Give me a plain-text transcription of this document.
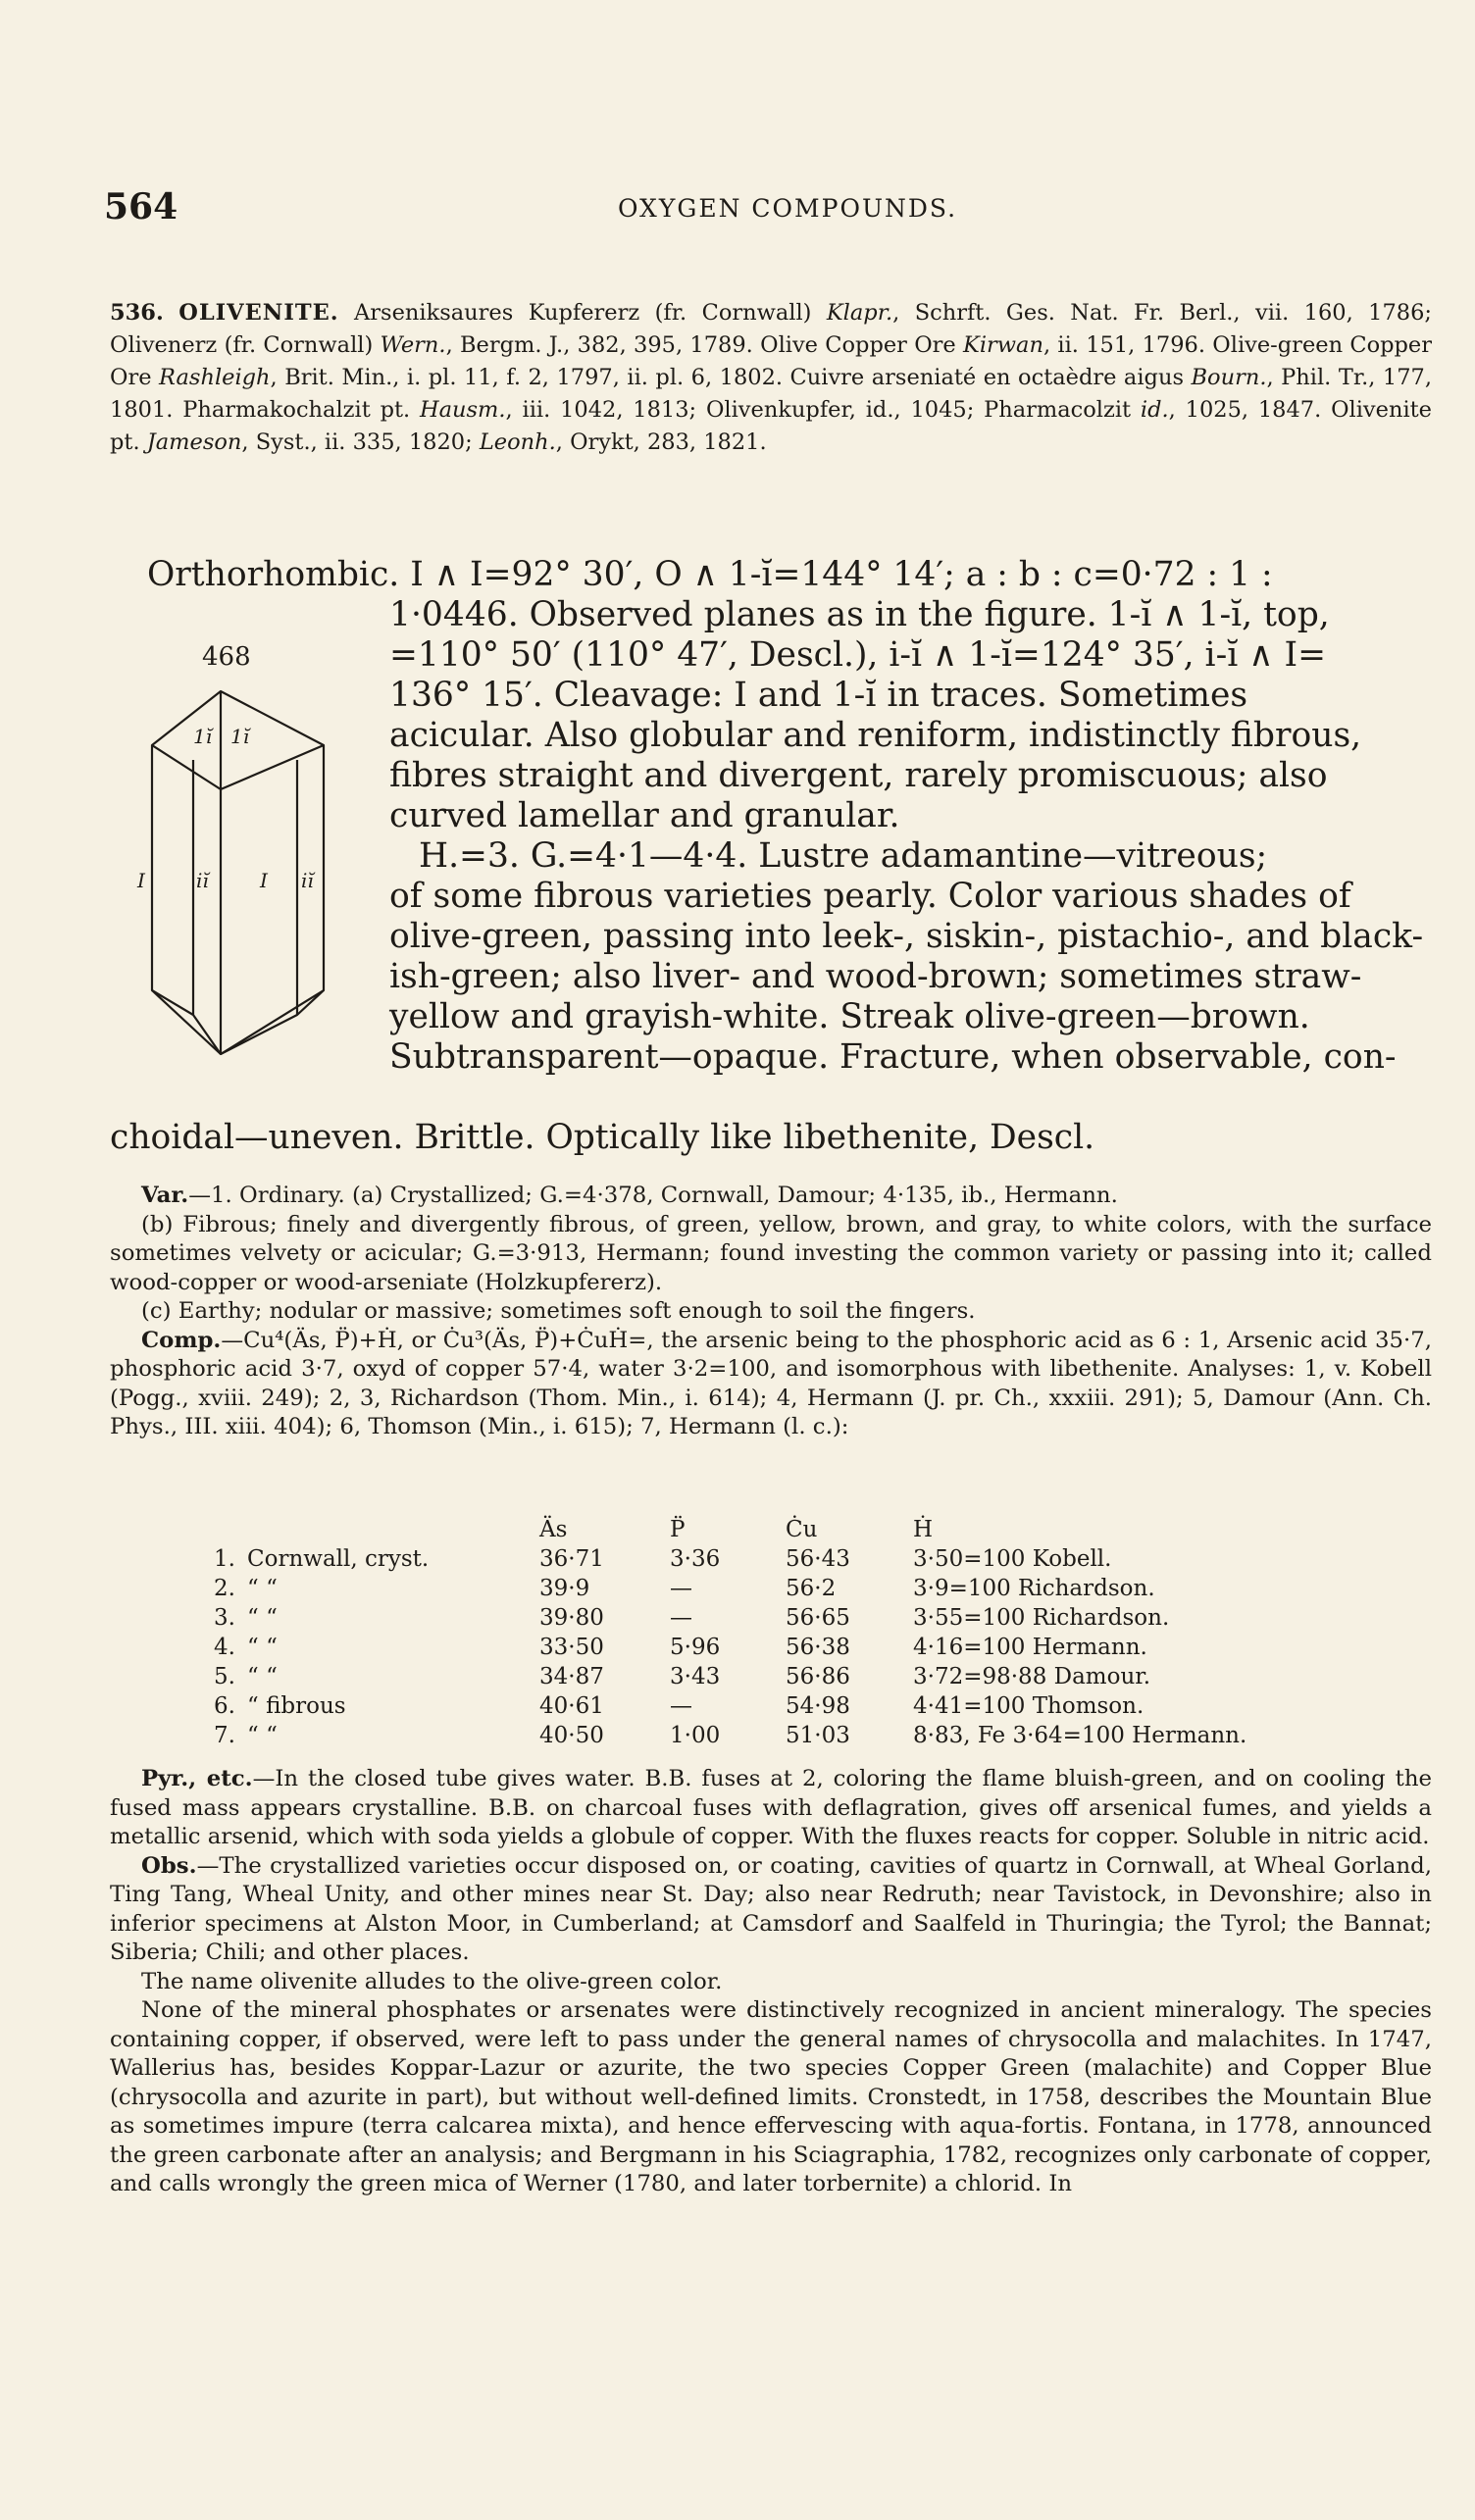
564	OXYGEN COMPOUNDS.
536. OLIVENITE. Arseniksaures Kupfererz (fr. Cornwall) Klapr., Schrft. Ges. Nat. Fr. Berl., vii. 160, 1786; Olivenerz (fr. Cornwall) Wern., Bergm. J., 382, 395, 1789. Olive Copper Ore Kirwan, ii. 151, 1796. Olive-green Copper Ore Rashleigh, Brit. Min., i. pl. 11, f. 2, 1797, ii. pl. 6, 1802. Cuivre arseniaté en octaèdre aigus Bourn., Phil. Tr., 177, 1801. Pharmakochalzit pt. Hausm., iii. 1042, 1813; Olivenkupfer, id., 1045; Pharmacolzit id., 1025, 1847. Olivenite pt. Jameson, Syst., ii. 335, 1820; Leonh., Orykt, 283, 1821.
468
1ĭ 1ĭ
I	iĭ	I iĭ
Orthorhombic. I ∧ I=92° 30′, O ∧ 1-ĭ=144° 14′; a : b : c=0·72 : 1 :
1·0446. Observed planes as in the figure. 1-ĭ ∧ 1-ĭ, top,
=110° 50′ (110° 47′, Descl.), i-ĭ ∧ 1-ĭ=124° 35′, i-ĭ ∧ I=
136° 15′. Cleavage: I and 1-ĭ in traces. Sometimes
acicular. Also globular and reniform, indistinctly fibrous,
fibres straight and divergent, rarely promiscuous; also
curved lamellar and granular.
H.=3. G.=4·1—4·4. Lustre adamantine—vitreous;
of some fibrous varieties pearly. Color various shades of
olive-green, passing into leek-, siskin-, pistachio-, and black-
ish-green; also liver- and wood-brown; sometimes straw-
yellow and grayish-white. Streak olive-green—brown.
Subtransparent—opaque. Fracture, when observable, con-
choidal—uneven. Brittle. Optically like libethenite, Descl.

Var.—1. Ordinary. (a) Crystallized; G.=4·378, Cornwall, Damour; 4·135, ib., Hermann.

(b) Fibrous; finely and divergently fibrous, of green, yellow, brown, and gray, to white colors, with the surface sometimes velvety or acicular; G.=3·913, Hermann; found investing the common variety or passing into it; called wood-copper or wood-arseniate (Holzkupfererz).

(c) Earthy; nodular or massive; sometimes soft enough to soil the fingers.

Comp.—Cu⁴(Äs, P̈)+Ḣ, or Ċu³(Äs, P̈)+ĊuḢ=, the arsenic being to the phosphoric acid as 6 : 1, Arsenic acid 35·7, phosphoric acid 3·7, oxyd of copper 57·4, water 3·2=100, and isomorphous with libethenite. Analyses: 1, v. Kobell (Pogg., xviii. 249); 2, 3, Richardson (Thom. Min., i. 614); 4, Hermann (J. pr. Ch., xxxiii. 291); 5, Damour (Ann. Ch. Phys., III. xiii. 404); 6, Thomson (Min., i. 615); 7, Hermann (l. c.):

		Äs	P̈	Ċu	Ḣ
1.	Cornwall, cryst.	36·71	3·36	56·43	3·50=100 Kobell.
2.	“ “	39·9	—	56·2	3·9=100 Richardson.
3.	“ “	39·80	—	56·65	3·55=100 Richardson.
4.	“ “	33·50	5·96	56·38	4·16=100 Hermann.
5.	“ “	34·87	3·43	56·86	3·72=98·88 Damour.
6.	“ fibrous	40·61	—	54·98	4·41=100 Thomson.
7.	“ “	40·50	1·00	51·03	8·83, Fe 3·64=100 Hermann.

Pyr., etc.—In the closed tube gives water. B.B. fuses at 2, coloring the flame bluish-green, and on cooling the fused mass appears crystalline. B.B. on charcoal fuses with deflagration, gives off arsenical fumes, and yields a metallic arsenid, which with soda yields a globule of copper. With the fluxes reacts for copper. Soluble in nitric acid.

Obs.—The crystallized varieties occur disposed on, or coating, cavities of quartz in Cornwall, at Wheal Gorland, Ting Tang, Wheal Unity, and other mines near St. Day; also near Redruth; near Tavistock, in Devonshire; also in inferior specimens at Alston Moor, in Cumberland; at Camsdorf and Saalfeld in Thuringia; the Tyrol; the Bannat; Siberia; Chili; and other places.

The name olivenite alludes to the olive-green color.

None of the mineral phosphates or arsenates were distinctively recognized in ancient mineralogy. The species containing copper, if observed, were left to pass under the general names of chrysocolla and malachites. In 1747, Wallerius has, besides Koppar-Lazur or azurite, the two species Copper Green (malachite) and Copper Blue (chrysocolla and azurite in part), but without well-defined limits. Cronstedt, in 1758, describes the Mountain Blue as sometimes impure (terra calcarea mixta), and hence effervescing with aqua-fortis. Fontana, in 1778, announced the green carbonate after an analysis; and Bergmann in his Sciagraphia, 1782, recognizes only carbonate of copper, and calls wrongly the green mica of Werner (1780, and later torbernite) a chlorid. In
